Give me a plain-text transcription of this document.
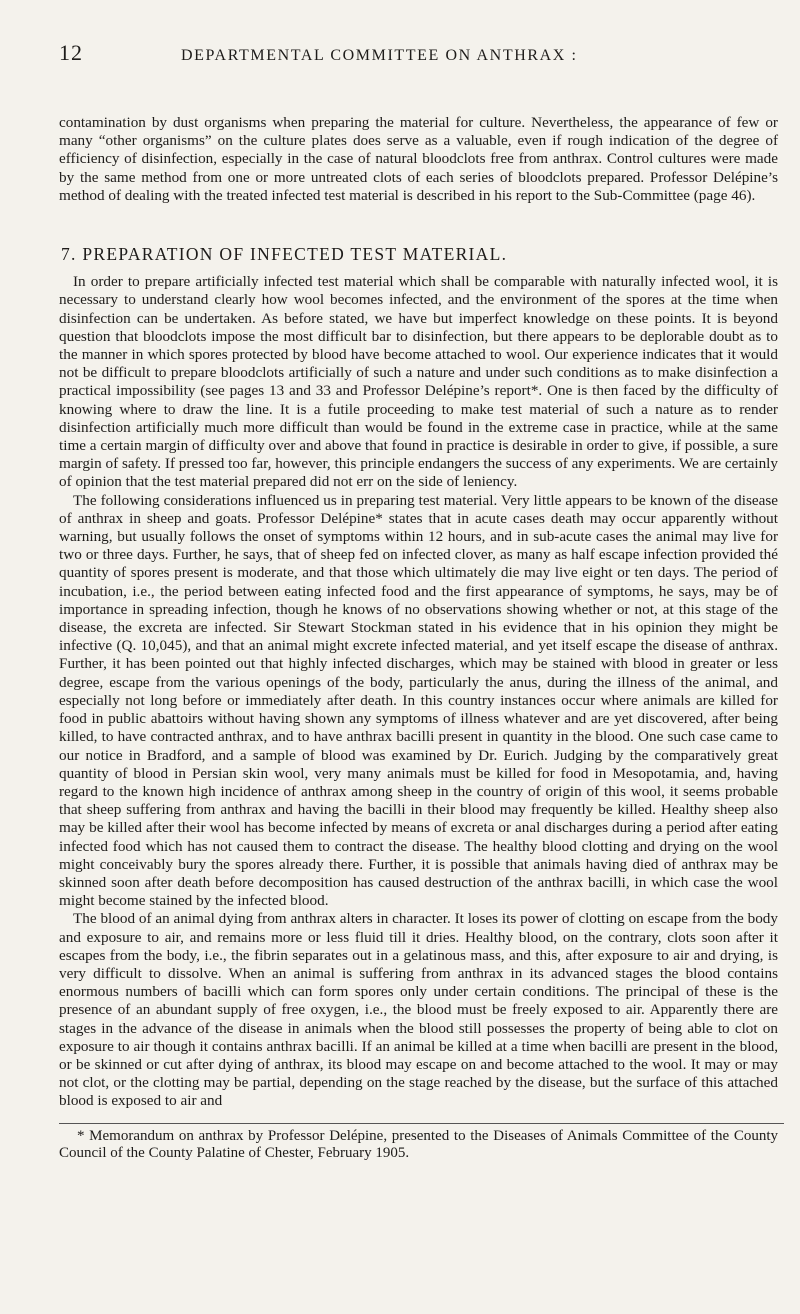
12	DEPARTMENTAL COMMITTEE ON ANTHRAX :

contamination by dust organisms when preparing the material for culture. Nevertheless, the appearance of few or many “other organisms” on the culture plates does serve as a valuable, even if rough indication of the degree of efficiency of disinfection, especially in the case of natural bloodclots free from anthrax. Control cultures were made by the same method from one or more untreated clots of each series of bloodclots prepared. Professor Delépine’s method of dealing with the treated infected test material is described in his report to the Sub-Committee (page 46).

7. PREPARATION OF INFECTED TEST MATERIAL.

In order to prepare artificially infected test material which shall be comparable with naturally infected wool, it is necessary to understand clearly how wool becomes infected, and the environment of the spores at the time when disinfection can be undertaken. As before stated, we have but imperfect knowledge on these points. It is beyond question that bloodclots impose the most difficult bar to disinfection, but there appears to be deplorable doubt as to the manner in which spores protected by blood have become attached to wool. Our experience indicates that it would not be difficult to prepare bloodclots artificially of such a nature and under such conditions as to make disinfection a practical impossibility (see pages 13 and 33 and Professor Delépine’s report*. One is then faced by the difficulty of knowing where to draw the line. It is a futile proceeding to make test material of such a nature as to render disinfection artificially much more difficult than would be found in the extreme case in practice, while at the same time a certain margin of difficulty over and above that found in practice is desirable in order to give, if possible, a sure margin of safety. If pressed too far, however, this principle endangers the success of any experiments. We are certainly of opinion that the test material prepared did not err on the side of leniency.

The following considerations influenced us in preparing test material. Very little appears to be known of the disease of anthrax in sheep and goats. Professor Delépine* states that in acute cases death may occur apparently without warning, but usually follows the onset of symptoms within 12 hours, and in sub-acute cases the animal may live for two or three days. Further, he says, that of sheep fed on infected clover, as many as half escape infection provided thé quantity of spores present is moderate, and that those which ultimately die may live eight or ten days. The period of incubation, i.e., the period between eating infected food and the first appearance of symptoms, he says, may be of importance in spreading infection, though he knows of no observations showing whether or not, at this stage of the disease, the excreta are infected. Sir Stewart Stockman stated in his evidence that in his opinion they might be infective (Q. 10,045), and that an animal might excrete infected material, and yet itself escape the disease of anthrax. Further, it has been pointed out that highly infected discharges, which may be stained with blood in greater or less degree, escape from the various openings of the body, particularly the anus, during the illness of the animal, and especially not long before or immediately after death. In this country instances occur where animals are killed for food in public abattoirs without having shown any symptoms of illness whatever and are yet discovered, after being killed, to have contracted anthrax, and to have anthrax bacilli present in quantity in the blood. One such case came to our notice in Bradford, and a sample of blood was examined by Dr. Eurich. Judging by the comparatively great quantity of blood in Persian skin wool, very many animals must be killed for food in Mesopotamia, and, having regard to the known high incidence of anthrax among sheep in the country of origin of this wool, it seems probable that sheep suffering from anthrax and having the bacilli in their blood may frequently be killed. Healthy sheep also may be killed after their wool has become infected by means of excreta or anal discharges during a period after eating infected food which has not caused them to contract the disease. The healthy blood clotting and drying on the wool might conceivably bury the spores already there. Further, it is possible that animals having died of anthrax may be skinned soon after death before decomposition has caused destruction of the anthrax bacilli, in which case the wool might become stained by the infected blood.

The blood of an animal dying from anthrax alters in character. It loses its power of clotting on escape from the body and exposure to air, and remains more or less fluid till it dries. Healthy blood, on the contrary, clots soon after it escapes from the body, i.e., the fibrin separates out in a gelatinous mass, and this, after exposure to air and drying, is very difficult to dissolve. When an animal is suffering from anthrax in its advanced stages the blood contains enormous numbers of bacilli which can form spores only under certain conditions. The principal of these is the presence of an abundant supply of free oxygen, i.e., the blood must be freely exposed to air. Apparently there are stages in the advance of the disease in animals when the blood still possesses the property of being able to clot on exposure to air though it contains anthrax bacilli. If an animal be killed at a time when bacilli are present in the blood, or be skinned or cut after dying of anthrax, its blood may escape on and become attached to the wool. It may or may not clot, or the clotting may be partial, depending on the stage reached by the disease, but the surface of this attached blood is exposed to air and

* Memorandum on anthrax by Professor Delépine, presented to the Diseases of Animals Committee of the County Council of the County Palatine of Chester, February 1905.
